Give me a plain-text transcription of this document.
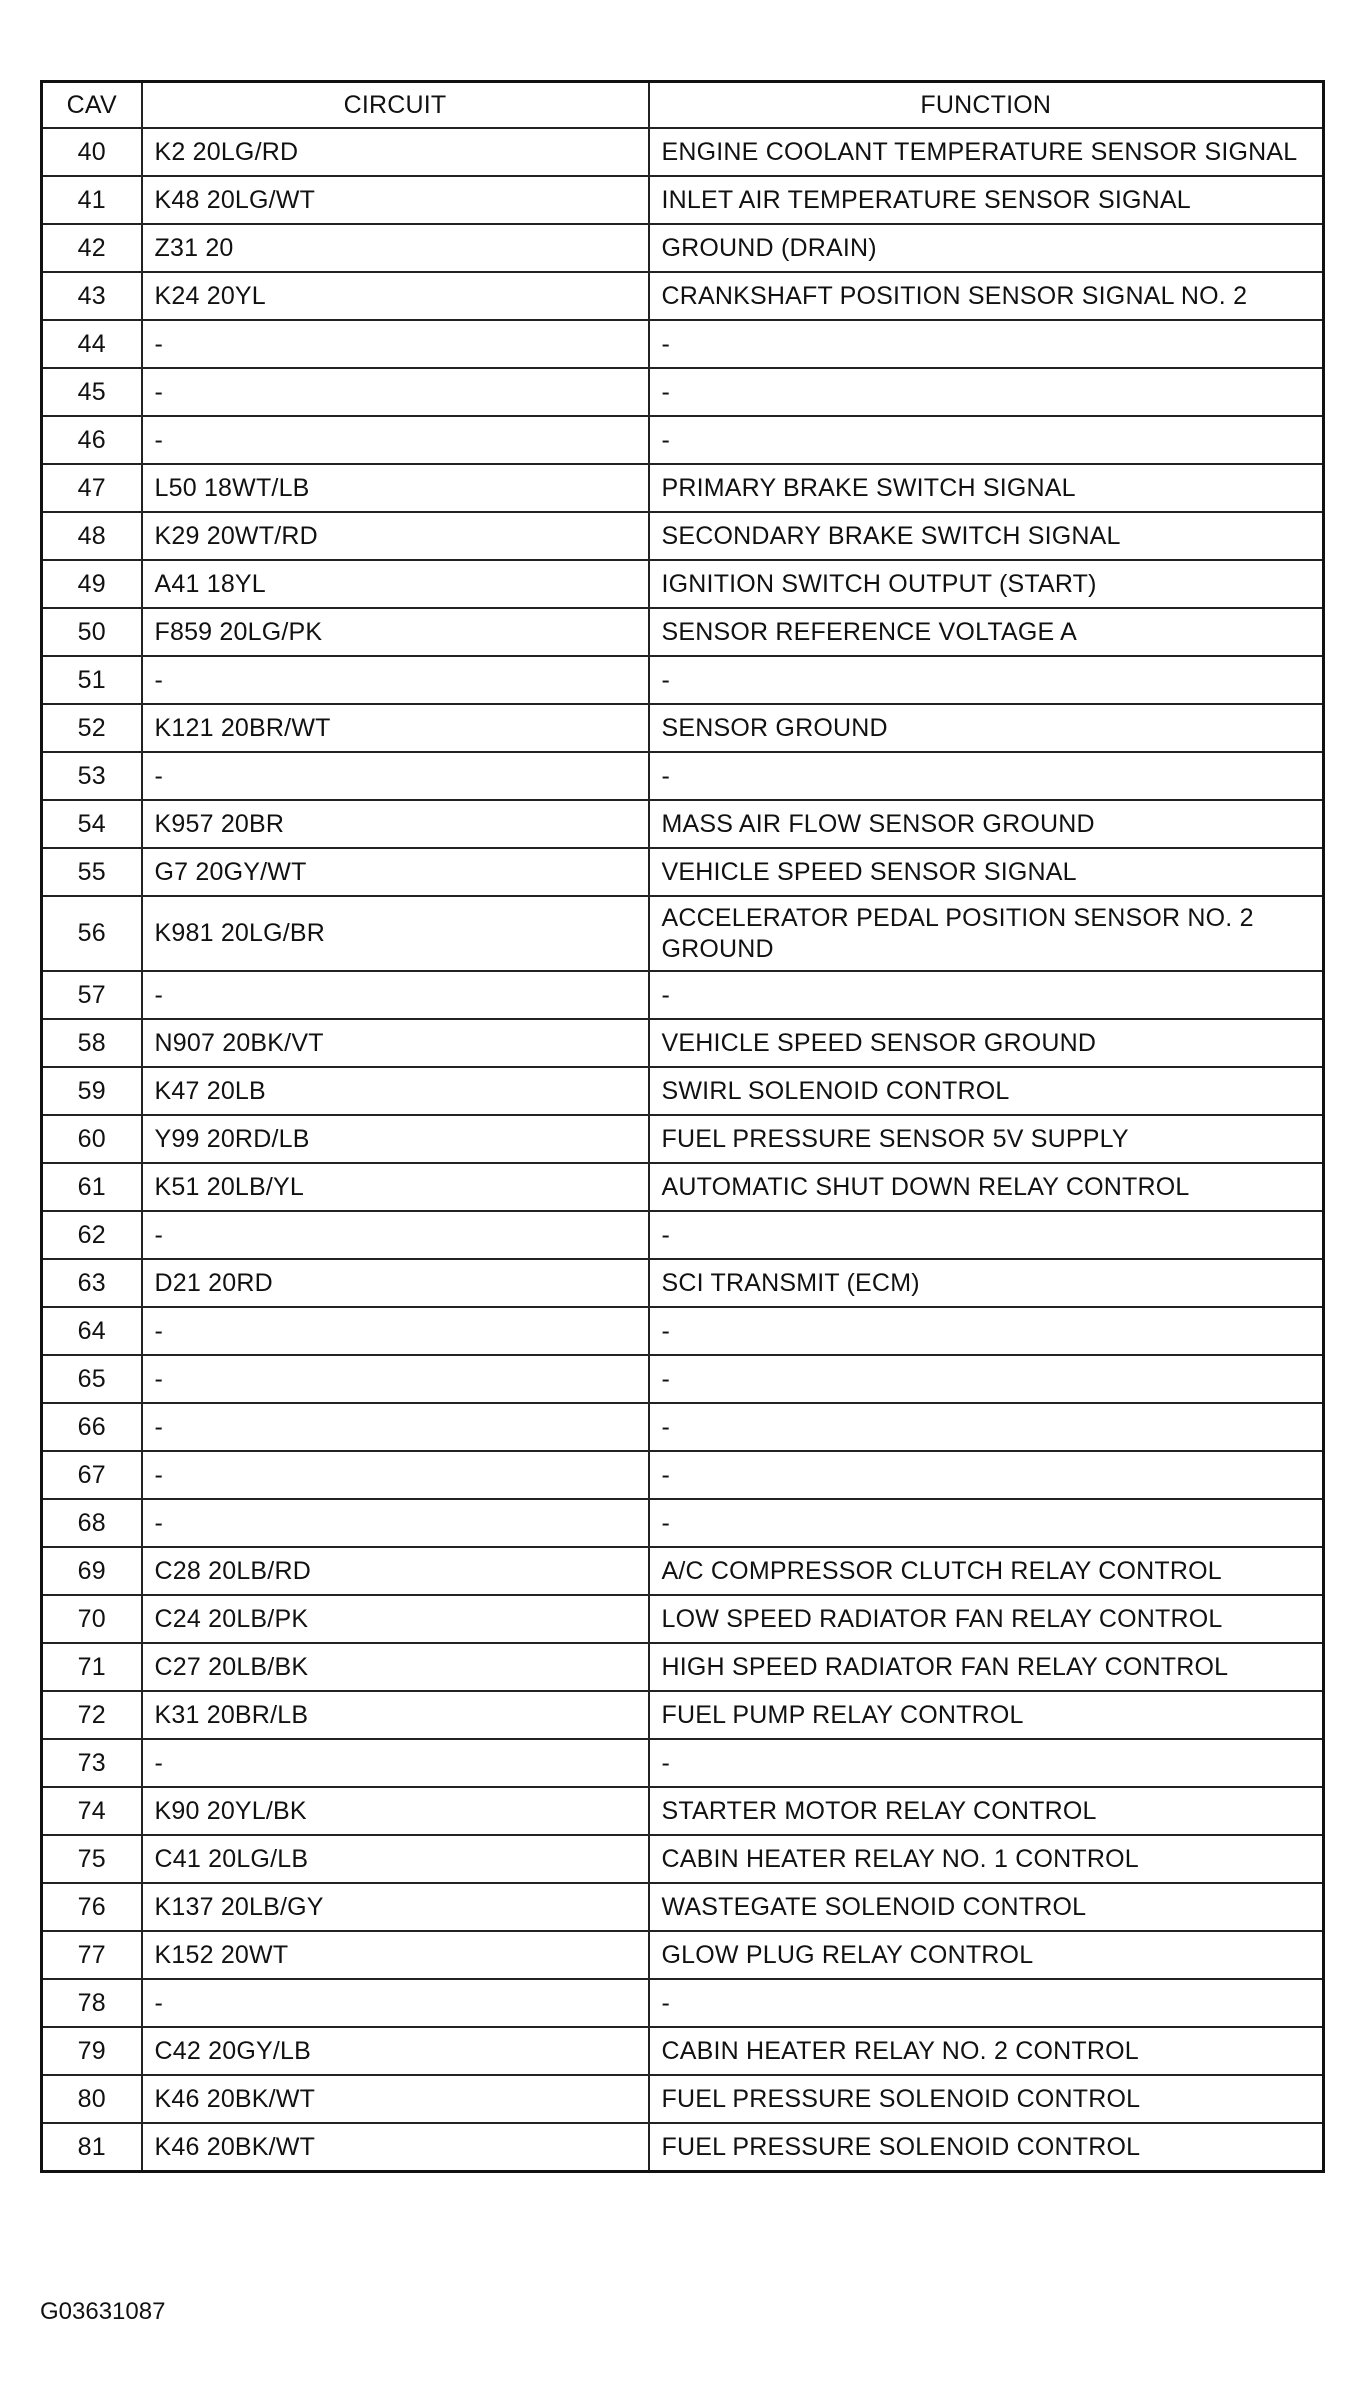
CAV	CIRCUIT	FUNCTION
40	K2 20LG/RD	ENGINE COOLANT TEMPERATURE SENSOR SIGNAL
41	K48 20LG/WT	INLET AIR TEMPERATURE SENSOR SIGNAL
42	Z31 20	GROUND (DRAIN)
43	K24 20YL	CRANKSHAFT POSITION SENSOR SIGNAL NO. 2
44	-	-
45	-	-
46	-	-
47	L50 18WT/LB	PRIMARY BRAKE SWITCH SIGNAL
48	K29 20WT/RD	SECONDARY BRAKE SWITCH SIGNAL
49	A41 18YL	IGNITION SWITCH OUTPUT (START)
50	F859 20LG/PK	SENSOR REFERENCE VOLTAGE A
51	-	-
52	K121 20BR/WT	SENSOR GROUND
53	-	-
54	K957 20BR	MASS AIR FLOW SENSOR GROUND
55	G7 20GY/WT	VEHICLE SPEED SENSOR SIGNAL
56	K981 20LG/BR	ACCELERATOR PEDAL POSITION SENSOR NO. 2 GROUND
57	-	-
58	N907 20BK/VT	VEHICLE SPEED SENSOR GROUND
59	K47 20LB	SWIRL SOLENOID CONTROL
60	Y99 20RD/LB	FUEL PRESSURE SENSOR 5V SUPPLY
61	K51 20LB/YL	AUTOMATIC SHUT DOWN RELAY CONTROL
62	-	-
63	D21 20RD	SCI TRANSMIT (ECM)
64	-	-
65	-	-
66	-	-
67	-	-
68	-	-
69	C28 20LB/RD	A/C COMPRESSOR CLUTCH RELAY CONTROL
70	C24 20LB/PK	LOW SPEED RADIATOR FAN RELAY CONTROL
71	C27 20LB/BK	HIGH SPEED RADIATOR FAN RELAY CONTROL
72	K31 20BR/LB	FUEL PUMP RELAY CONTROL
73	-	-
74	K90 20YL/BK	STARTER MOTOR RELAY CONTROL
75	C41 20LG/LB	CABIN HEATER RELAY NO. 1 CONTROL
76	K137 20LB/GY	WASTEGATE SOLENOID CONTROL
77	K152 20WT	GLOW PLUG RELAY CONTROL
78	-	-
79	C42 20GY/LB	CABIN HEATER RELAY NO. 2 CONTROL
80	K46 20BK/WT	FUEL PRESSURE SOLENOID CONTROL
81	K46 20BK/WT	FUEL PRESSURE SOLENOID CONTROL
G03631087
